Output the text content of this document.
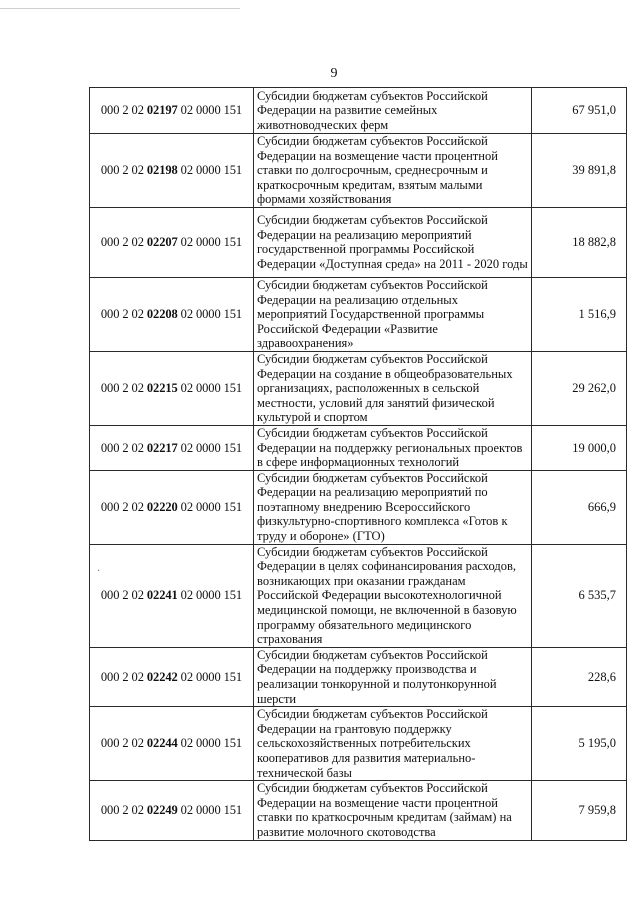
9
·
000 2 02 02197 02 0000 151	Субсидии бюджетам субъектов Российской Федерации на развитие семейных животноводческих ферм	67 951,0
000 2 02 02198 02 0000 151	Субсидии бюджетам субъектов Российской Федерации на возмещение части процентной ставки по долгосрочным, среднесрочным и краткосрочным кредитам, взятым малыми формами хозяйствования	39 891,8
000 2 02 02207 02 0000 151	Субсидии бюджетам субъектов Российской Федерации на реализацию мероприятий государственной программы Российской Федерации «Доступная среда» на 2011 - 2020 годы	18 882,8
000 2 02 02208 02 0000 151	Субсидии бюджетам субъектов Российской Федерации на реализацию отдельных мероприятий Государственной программы Российской Федерации «Развитие здравоохранения»	1 516,9
000 2 02 02215 02 0000 151	Субсидии бюджетам субъектов Российской Федерации на создание в общеобразовательных организациях, расположенных в сельской местности, условий для занятий физической культурой и спортом	29 262,0
000 2 02 02217 02 0000 151	Субсидии бюджетам субъектов Российской Федерации на поддержку региональных проектов в сфере информационных технологий	19 000,0
000 2 02 02220 02 0000 151	Субсидии бюджетам субъектов Российской Федерации на реализацию мероприятий по поэтапному внедрению Всероссийского физкультурно-спортивного комплекса «Готов к труду и обороне» (ГТО)	666,9
000 2 02 02241 02 0000 151	Субсидии бюджетам субъектов Российской Федерации в целях софинансирования расходов, возникающих при оказании гражданам Российской Федерации высокотехнологичной медицинской помощи, не включенной в базовую программу обязательного медицинского страхования	6 535,7
000 2 02 02242 02 0000 151	Субсидии бюджетам субъектов Российской Федерации на поддержку производства и реализации тонкорунной и полутонкорунной шерсти	228,6
000 2 02 02244 02 0000 151	Субсидии бюджетам субъектов Российской Федерации на грантовую поддержку сельскохозяйственных потребительских кооперативов для развития материально-технической базы	5 195,0
000 2 02 02249 02 0000 151	Субсидии бюджетам субъектов Российской Федерации на возмещение части процентной ставки по краткосрочным кредитам (займам) на развитие молочного скотоводства	7 959,8
